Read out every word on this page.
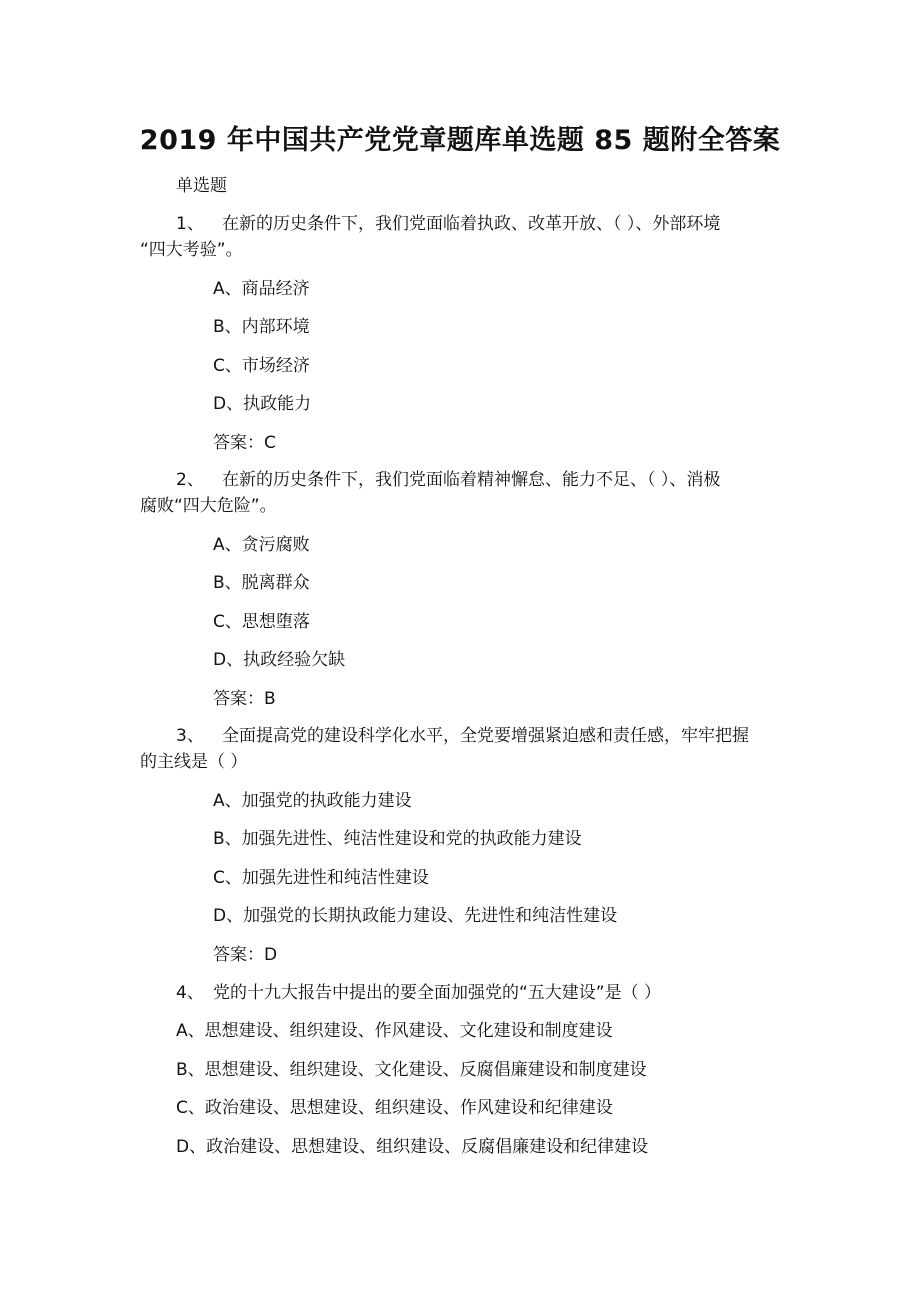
2019 年中国共产党党章题库单选题 85 题附全答案
单选题
1、 在新的历史条件下，我们党面临着执政、改革开放、（ ）、外部环境
“四大考验”。
A、商品经济
B、内部环境
C、市场经济
D、执政能力
答案：C
2、 在新的历史条件下，我们党面临着精神懈怠、能力不足、（ ）、消极
腐败“四大危险”。
A、贪污腐败
B、脱离群众
C、思想堕落
D、执政经验欠缺
答案：B
3、 全面提高党的建设科学化水平，全党要增强紧迫感和责任感，牢牢把握
的主线是（ ）
A、加强党的执政能力建设
B、加强先进性、纯洁性建设和党的执政能力建设
C、加强先进性和纯洁性建设
D、加强党的长期执政能力建设、先进性和纯洁性建设
答案：D
4、 党的十九大报告中提出的要全面加强党的“五大建设”是（ ）
A、思想建设、组织建设、作风建设、文化建设和制度建设
B、思想建设、组织建设、文化建设、反腐倡廉建设和制度建设
C、政治建设、思想建设、组织建设、作风建设和纪律建设
D、政治建设、思想建设、组织建设、反腐倡廉建设和纪律建设
